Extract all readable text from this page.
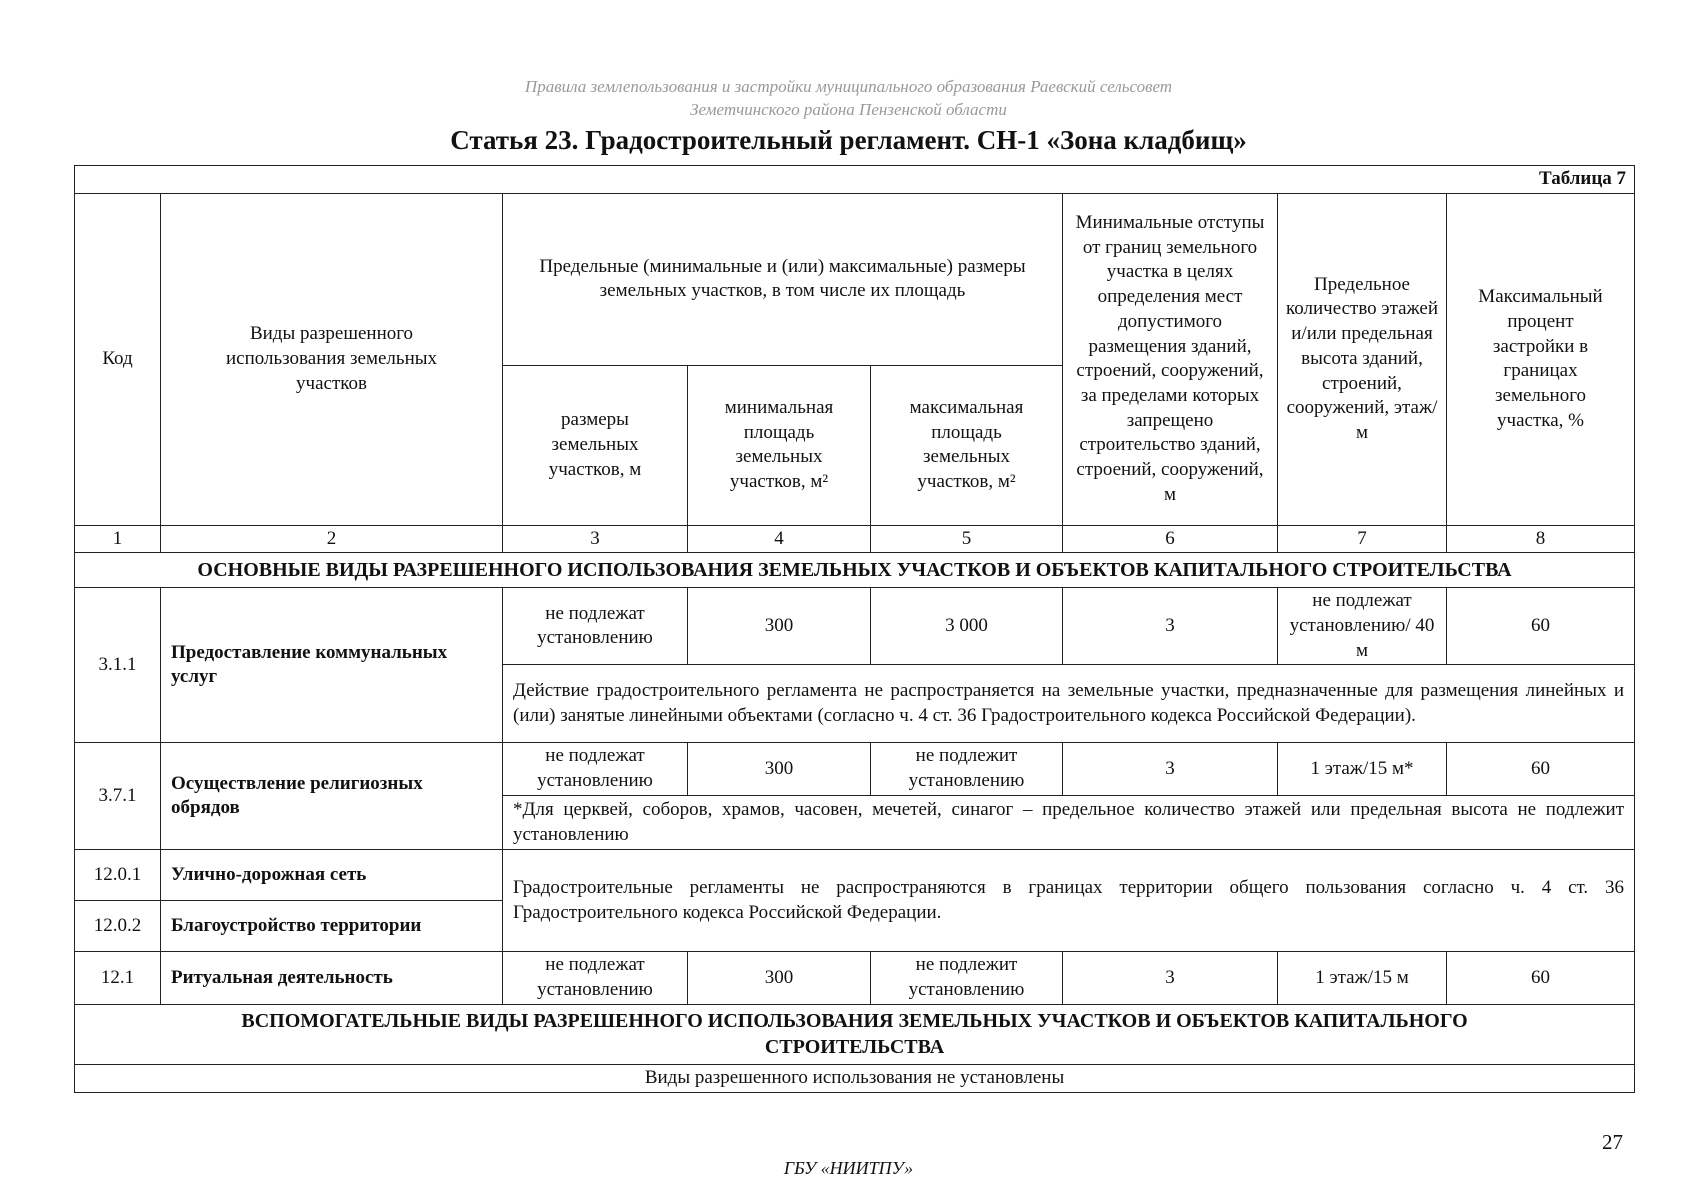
Правила землепользования и застройки муниципального образования Раевский сельсовет
Земетчинского района Пензенской области
Статья 23. Градостроительный регламент. СН-1 «Зона кладбищ»
Таблица 7							
Код	Виды разрешенного использования земельных участков	Предельные (минимальные и (или) максимальные) размеры земельных участков, в том числе их площадь			Минимальные отступы от границ земельного участка в целях определения мест допустимого размещения зданий, строений, сооружений, за пределами которых запрещено строительство зданий, строений, сооружений, м	Предельное количество этажей и/или предельная высота зданий, строений, сооружений, этаж/м	Максимальный процент застройки в границах земельного участка, %
		размеры земельных участков, м	минимальная площадь земельных участков, м²	максимальная площадь земельных участков, м²			
1	2	3	4	5	6	7	8
ОСНОВНЫЕ ВИДЫ РАЗРЕШЕННОГО ИСПОЛЬЗОВАНИЯ ЗЕМЕЛЬНЫХ УЧАСТКОВ И ОБЪЕКТОВ КАПИТАЛЬНОГО СТРОИТЕЛЬСТВА							
3.1.1	Предоставление коммунальных услуг	не подлежат установлению	300	3 000	3	не подлежат установлению/ 40 м	60
		Действие градостроительного регламента не распространяется на земельные участки, предназначенные для размещения линейных и (или) занятые линейными объектами (согласно ч. 4 ст. 36 Градостроительного кодекса Российской Федерации).					
3.7.1	Осуществление религиозных обрядов	не подлежат установлению	300	не подлежит установлению	3	1 этаж/15 м*	60
		*Для церквей, соборов, храмов, часовен, мечетей, синагог – предельное количество этажей или предельная высота не подлежит установлению					
12.0.1	Улично-дорожная сеть	Градостроительные регламенты не распространяются в границах территории общего пользования согласно ч. 4 ст. 36 Градостроительного кодекса Российской Федерации.					
12.0.2	Благоустройство территории						
12.1	Ритуальная деятельность	не подлежат установлению	300	не подлежит установлению	3	1 этаж/15 м	60
ВСПОМОГАТЕЛЬНЫЕ ВИДЫ РАЗРЕШЕННОГО ИСПОЛЬЗОВАНИЯ ЗЕМЕЛЬНЫХ УЧАСТКОВ И ОБЪЕКТОВ КАПИТАЛЬНОГО СТРОИТЕЛЬСТВА							
Виды разрешенного использования не установлены							
27
ГБУ «НИИТПУ»
